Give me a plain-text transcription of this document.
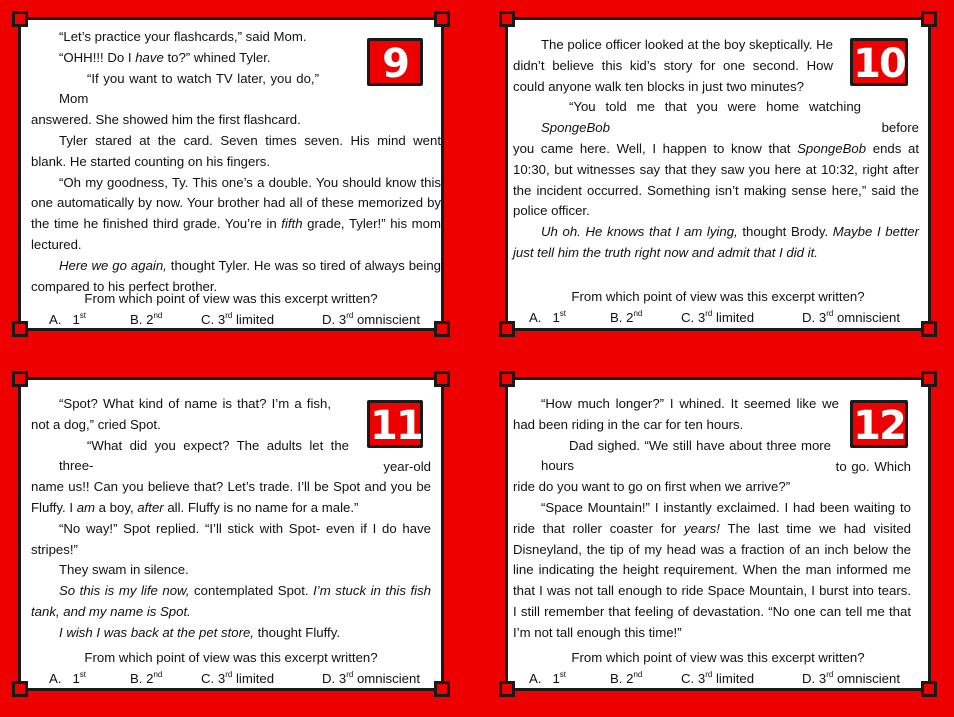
9

“Let’s practice your flashcards,” said Mom.

“OHH!!! Do I have to?” whined Tyler.

“If you want to watch TV later, you do,” Mom
answered. She showed him the first flashcard.

Tyler stared at the card. Seven times seven. His mind went blank. He started counting on his fingers.

“Oh my goodness, Ty. This one’s a double. You should know this one automatically by now. Your brother had all of these memorized by the time he finished third grade. You’re in fifth grade, Tyler!” his mom lectured.

Here we go again, thought Tyler. He was so tired of always being compared to his perfect brother.

From which point of view was this excerpt written?
A.   1st	B. 2nd	C. 3rd limited	D. 3rd omniscient
10

The police officer looked at the boy skeptically. He didn’t believe this kid’s story for one second. How could anyone walk ten blocks in just two minutes?

“You told me that you were home watching SpongeBob	before you came here. Well, I happen to know that SpongeBob ends at 10:30, but witnesses say that they saw you here at 10:32, right after the incident occurred. Something isn’t making sense here,” said the police officer.

Uh oh. He knows that I am lying, thought Brody. Maybe I better just tell him the truth right now and admit that I did it.

From which point of view was this excerpt written?
A.   1st	B. 2nd	C. 3rd limited	D. 3rd omniscient
11

“Spot? What kind of name is that? I’m a fish, not a dog,” cried Spot.

“What did you expect? The adults let the three-	year-old name us!! Can you believe that? Let’s trade. I’ll be Spot and you be Fluffy. I am a boy, after all. Fluffy is no name for a male.”

“No way!” Spot replied. “I’ll stick with Spot- even if I do have stripes!”

They swam in silence.

So this is my life now, contemplated Spot. I’m stuck in this fish tank, and my name is Spot.

I wish I was back at the pet store, thought Fluffy.

From which point of view was this excerpt written?
A.   1st	B. 2nd	C. 3rd limited	D. 3rd omniscient
12

“How much longer?” I whined. It seemed like we had been riding in the car for ten hours.

Dad sighed. “We still have about three more hours	to go. Which ride do you want to go on first when we arrive?”

“Space Mountain!” I instantly exclaimed. I had been waiting to ride that roller coaster for years! The last time we had visited Disneyland, the tip of my head was a fraction of an inch below the line indicating the height requirement. When the man informed me that I was not tall enough to ride Space Mountain, I burst into tears. I still remember that feeling of devastation. “No one can tell me that I’m not tall enough this time!”

From which point of view was this excerpt written?
A.   1st	B. 2nd	C. 3rd limited	D. 3rd omniscient
